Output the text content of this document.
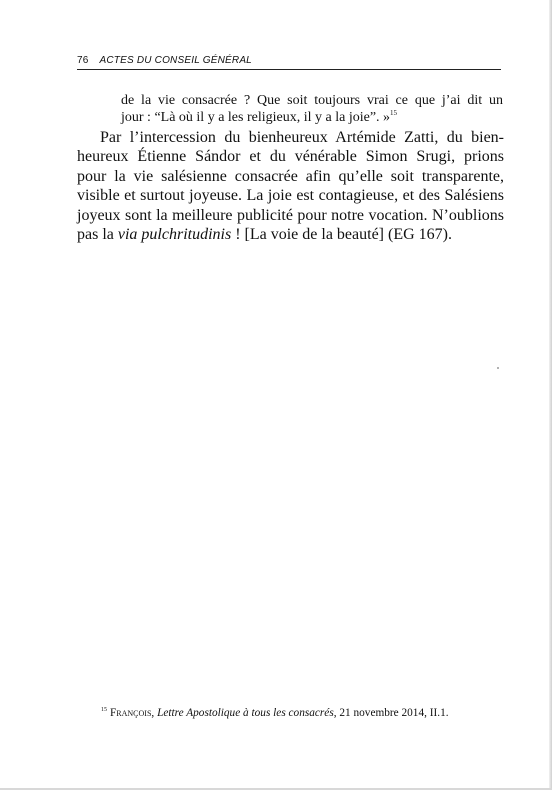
76 ACTES DU CONSEIL GÉNÉRAL
de la vie consacrée ? Que soit toujours vrai ce que j’ai dit un
jour : “Là où il y a les religieux, il y a la joie”. »$^{15}$
Par l’intercession du bienheureux Artémide Zatti, du bien-
heureux Étienne Sándor et du vénérable Simon Srugi, prions
pour la vie salésienne consacrée afin qu’elle soit transparente,
visible et surtout joyeuse. La joie est contagieuse, et des Salésiens
joyeux sont la meilleure publicité pour notre vocation. N’oublions
pas la via pulchritudinis ! [La voie de la beauté] (EG 167).
$^{15}$ François, Lettre Apostolique à tous les consacrés, 21 novembre 2014, II.1.
